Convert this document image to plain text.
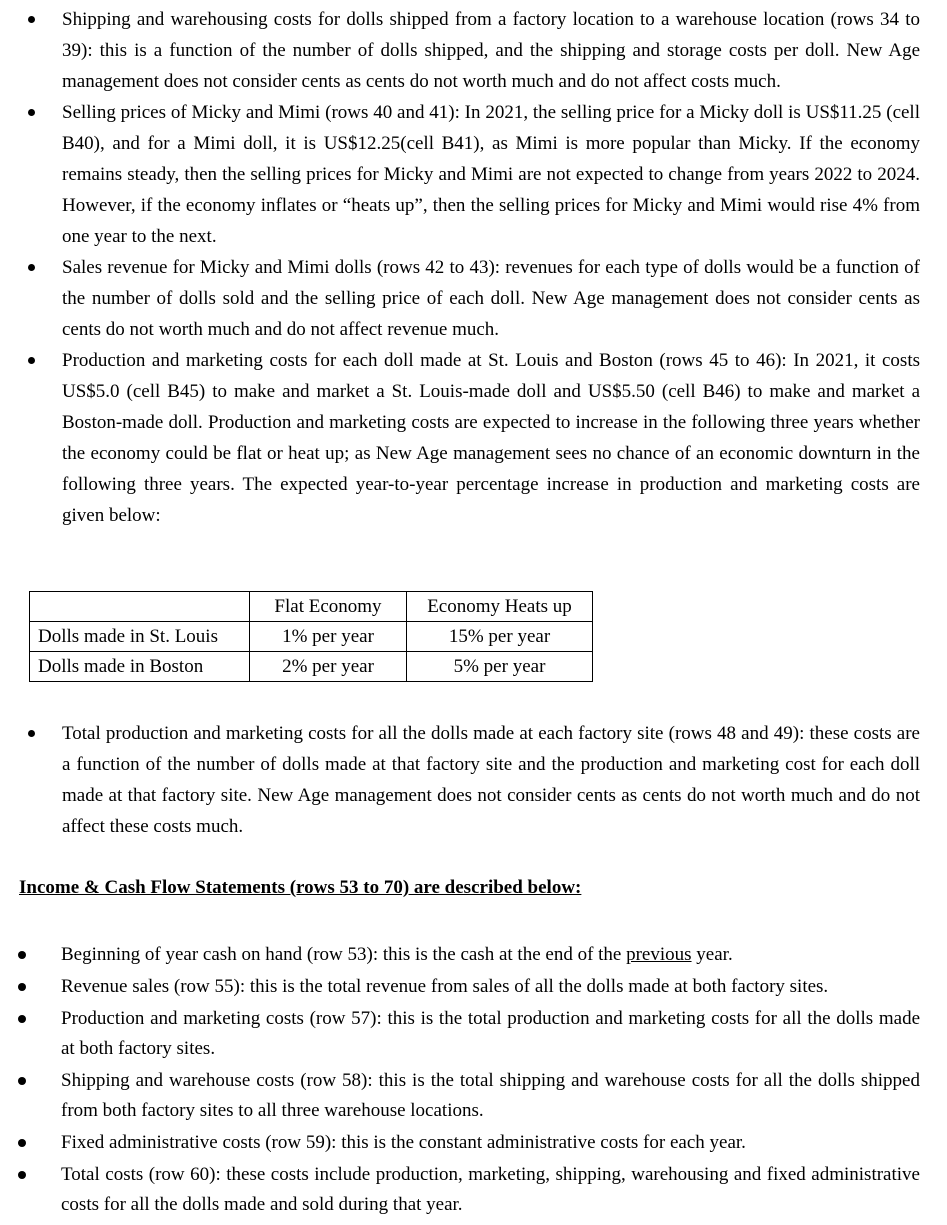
Shipping and warehousing costs for dolls shipped from a factory location to a warehouse location (rows 34 to 39): this is a function of the number of dolls shipped, and the shipping and storage costs per doll. New Age management does not consider cents as cents do not worth much and do not affect costs much.
Selling prices of Micky and Mimi (rows 40 and 41): In 2021, the selling price for a Micky doll is US$11.25 (cell B40), and for a Mimi doll, it is US$12.25(cell B41), as Mimi is more popular than Micky. If the economy remains steady, then the selling prices for Micky and Mimi are not expected to change from years 2022 to 2024. However, if the economy inflates or “heats up”, then the selling prices for Micky and Mimi would rise 4% from one year to the next.
Sales revenue for Micky and Mimi dolls (rows 42 to 43): revenues for each type of dolls would be a function of the number of dolls sold and the selling price of each doll. New Age management does not consider cents as cents do not worth much and do not affect revenue much.
Production and marketing costs for each doll made at St. Louis and Boston (rows 45 to 46): In 2021, it costs US$5.0 (cell B45) to make and market a St. Louis-made doll and US$5.50 (cell B46) to make and market a Boston-made doll. Production and marketing costs are expected to increase in the following three years whether the economy could be flat or heat up; as New Age management sees no chance of an economic downturn in the following three years. The expected year-to-year percentage increase in production and marketing costs are given below:
	Flat Economy	Economy Heats up
Dolls made in St. Louis	1% per year	15% per year
Dolls made in Boston	2% per year	5% per year
Total production and marketing costs for all the dolls made at each factory site (rows 48 and 49): these costs are a function of the number of dolls made at that factory site and the production and marketing cost for each doll made at that factory site. New Age management does not consider cents as cents do not worth much and do not affect these costs much.
Income & Cash Flow Statements (rows 53 to 70) are described below:
Beginning of year cash on hand (row 53): this is the cash at the end of the previous year.
Revenue sales (row 55): this is the total revenue from sales of all the dolls made at both factory sites.
Production and marketing costs (row 57): this is the total production and marketing costs for all the dolls made at both factory sites.
Shipping and warehouse costs (row 58): this is the total shipping and warehouse costs for all the dolls shipped from both factory sites to all three warehouse locations.
Fixed administrative costs (row 59): this is the constant administrative costs for each year.
Total costs (row 60): these costs include production, marketing, shipping, warehousing and fixed administrative costs for all the dolls made and sold during that year.
